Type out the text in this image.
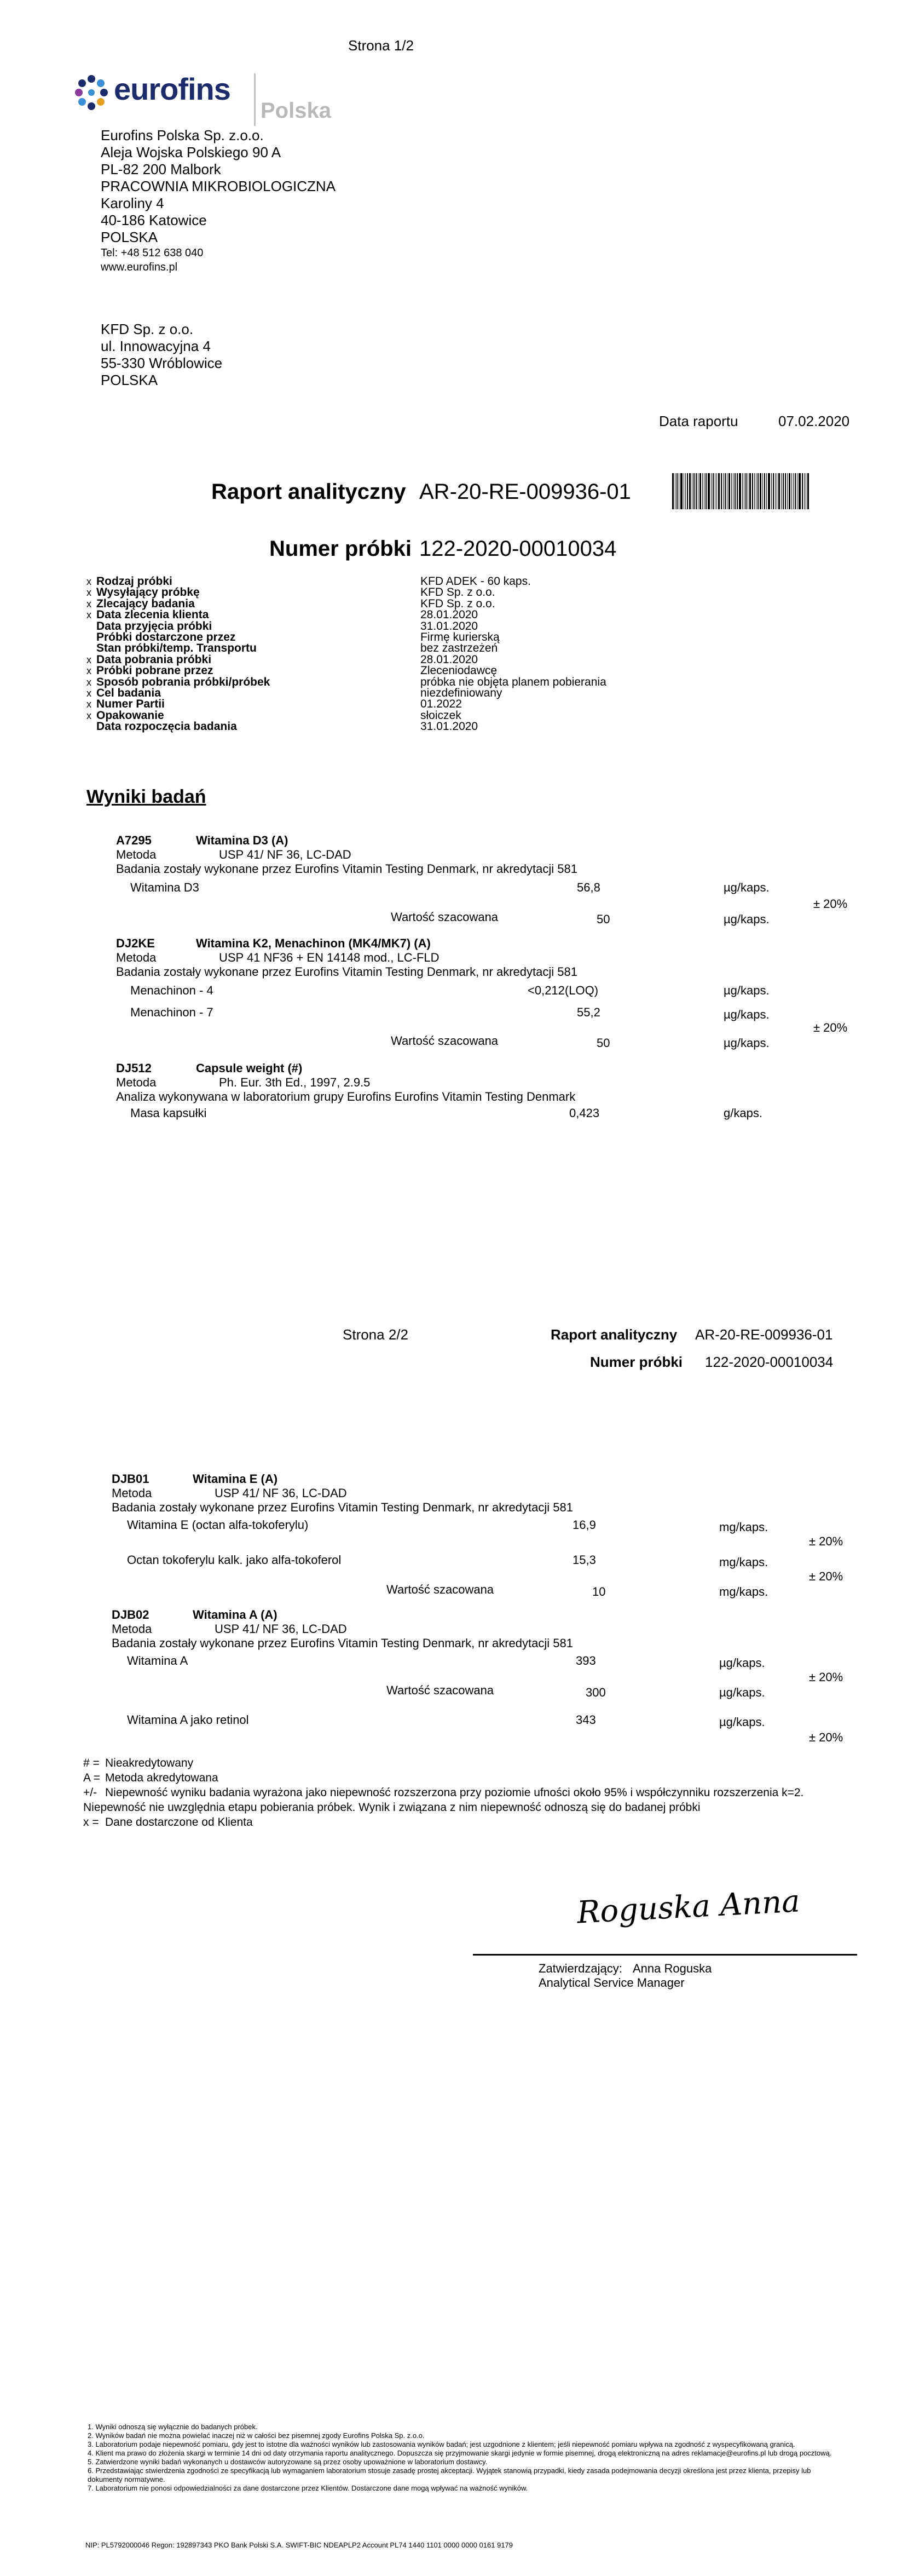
Strona 1/2
eurofins
Polska
Eurofins Polska Sp. z.o.o.
Aleja Wojska Polskiego 90 A
PL-82 200 Malbork
PRACOWNIA MIKROBIOLOGICZNA
Karoliny 4
40-186 Katowice
POLSKA
Tel: +48 512 638 040
www.eurofins.pl
KFD Sp. z o.o.
ul. Innowacyjna 4
55-330 Wróblowice
POLSKA
Data raportu	07.02.2020
Raport analityczny AR-20-RE-009936-01
Numer próbki 122-2020-00010034
x Rodzaj próbki	KFD ADEK - 60 kaps.
x Wysyłający próbkę	KFD Sp. z o.o.
x Zlecający badania	KFD Sp. z o.o.
x Data zlecenia klienta	28.01.2020
Data przyjęcia próbki	31.01.2020
Próbki dostarczone przez	Firmę kurierską
Stan próbki/temp. Transportu	bez zastrzeżeń
x Data pobrania próbki	28.01.2020
x Próbki pobrane przez	Zleceniodawcę
x Sposób pobrania próbki/próbek	próbka nie objęta planem pobierania
x Cel badania	niezdefiniowany
x Numer Partii	01.2022
x Opakowanie	słoiczek
Data rozpoczęcia badania	31.01.2020
Wyniki badań
A7295	Witamina D3 (A)
Metoda	USP 41/ NF 36, LC-DAD
Badania zostały wykonane przez Eurofins Vitamin Testing Denmark, nr akredytacji 581
Witamina D3	56,8	µg/kaps.
± 20%
Wartość szacowana	50	µg/kaps.
DJ2KE	Witamina K2, Menachinon (MK4/MK7) (A)
Metoda	USP 41 NF36 + EN 14148 mod., LC-FLD
Badania zostały wykonane przez Eurofins Vitamin Testing Denmark, nr akredytacji 581
Menachinon - 4	<0,212(LOQ)	µg/kaps.
Menachinon - 7	55,2	µg/kaps.
± 20%
Wartość szacowana	50	µg/kaps.
DJ512	Capsule weight (#)
Metoda	Ph. Eur. 3th Ed., 1997, 2.9.5
Analiza wykonywana w laboratorium grupy Eurofins Eurofins Vitamin Testing Denmark
Masa kapsułki	0,423	g/kaps.
Strona 2/2	Raport analityczny AR-20-RE-009936-01
Numer próbki 122-2020-00010034
DJB01	Witamina E (A)
Metoda	USP 41/ NF 36, LC-DAD
Badania zostały wykonane przez Eurofins Vitamin Testing Denmark, nr akredytacji 581
Witamina E (octan alfa-tokoferylu)	16,9	mg/kaps.
± 20%
Octan tokoferylu kalk. jako alfa-tokoferol	15,3	mg/kaps.
± 20%
Wartość szacowana	10	mg/kaps.
DJB02	Witamina A (A)
Metoda	USP 41/ NF 36, LC-DAD
Badania zostały wykonane przez Eurofins Vitamin Testing Denmark, nr akredytacji 581
Witamina A	393	µg/kaps.
± 20%
Wartość szacowana	300	µg/kaps.
Witamina A jako retinol	343	µg/kaps.
± 20%
# = Nieakredytowany
A = Metoda akredytowana
+/- Niepewność wyniku badania wyrażona jako niepewność rozszerzona przy poziomie ufności około 95% i współczynniku rozszerzenia k=2.
Niepewność nie uwzględnia etapu pobierania próbek. Wynik i związana z nim niepewność odnoszą się do badanej próbki
x = Dane dostarczone od Klienta
Roguska Anna
Zatwierdzający: Anna Roguska
Analytical Service Manager
1. Wyniki odnoszą się wyłącznie do badanych próbek.
2. Wyników badań nie można powielać inaczej niż w całości bez pisemnej zgody Eurofins Polska Sp. z.o.o.
3. Laboratorium podaje niepewność pomiaru, gdy jest to istotne dla ważności wyników lub zastosowania wyników badań; jest uzgodnione z klientem; jeśli niepewność pomiaru wpływa na zgodność z wyspecyfikowaną granicą.
4. Klient ma prawo do złożenia skargi w terminie 14 dni od daty otrzymania raportu analitycznego. Dopuszcza się przyjmowanie skargi jedynie w formie pisemnej, drogą elektroniczną na adres reklamacje@eurofins.pl lub drogą pocztową.
5. Zatwierdzone wyniki badań wykonanych u dostawców autoryzowane są przez osoby upoważnione w laboratorium dostawcy.
6. Przedstawiając stwierdzenia zgodności ze specyfikacją lub wymaganiem laboratorium stosuje zasadę prostej akceptacji. Wyjątek stanowią przypadki, kiedy zasada podejmowania decyzji określona jest przez klienta, przepisy lub dokumenty normatywne.
7. Laboratorium nie ponosi odpowiedzialności za dane dostarczone przez Klientów. Dostarczone dane mogą wpływać na ważność wyników.
NIP: PL5792000046 Regon: 192897343 PKO Bank Polski S.A. SWIFT-BIC NDEAPLP2 Account PL74 1440 1101 0000 0000 0161 9179
